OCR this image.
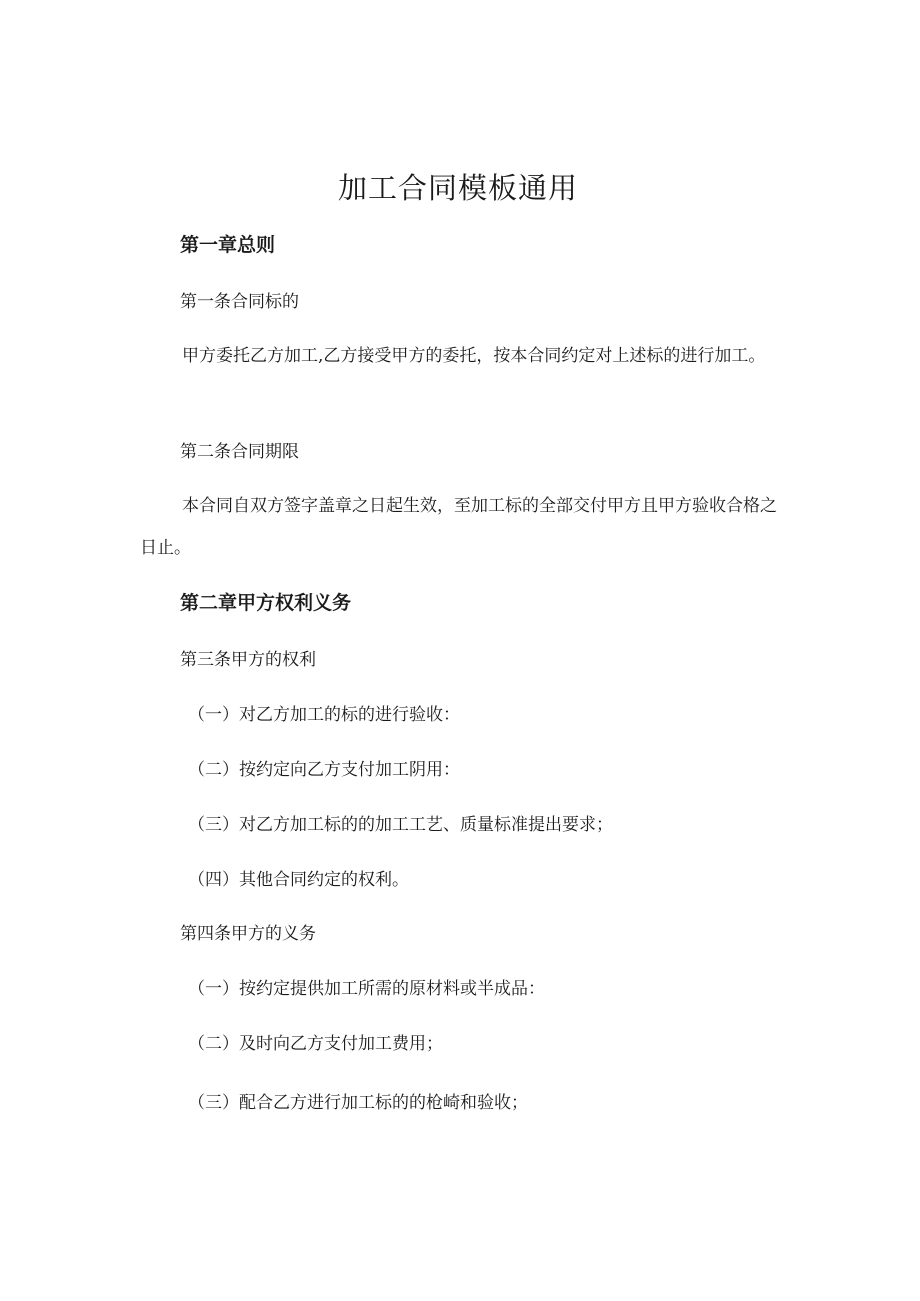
加工合同模板通用
第一章总则

第一条合同标的

甲方委托乙方加工,乙方接受甲方的委托，按本合同约定对上述标的进行加工。

第二条合同期限

本合同自双方签字盖章之日起生效，至加工标的全部交付甲方且甲方验收合格之日止。

第二章甲方权利义务

第三条甲方的权利

（一）对乙方加工的标的进行验收：

（二）按约定向乙方支付加工阴用：

（三）对乙方加工标的的加工工艺、质量标准提出要求；

（四）其他合同约定的权利。

第四条甲方的义务

（一）按约定提供加工所需的原材料或半成品：

（二）及时向乙方支付加工费用；

（三）配合乙方进行加工标的的枪崎和验收；
